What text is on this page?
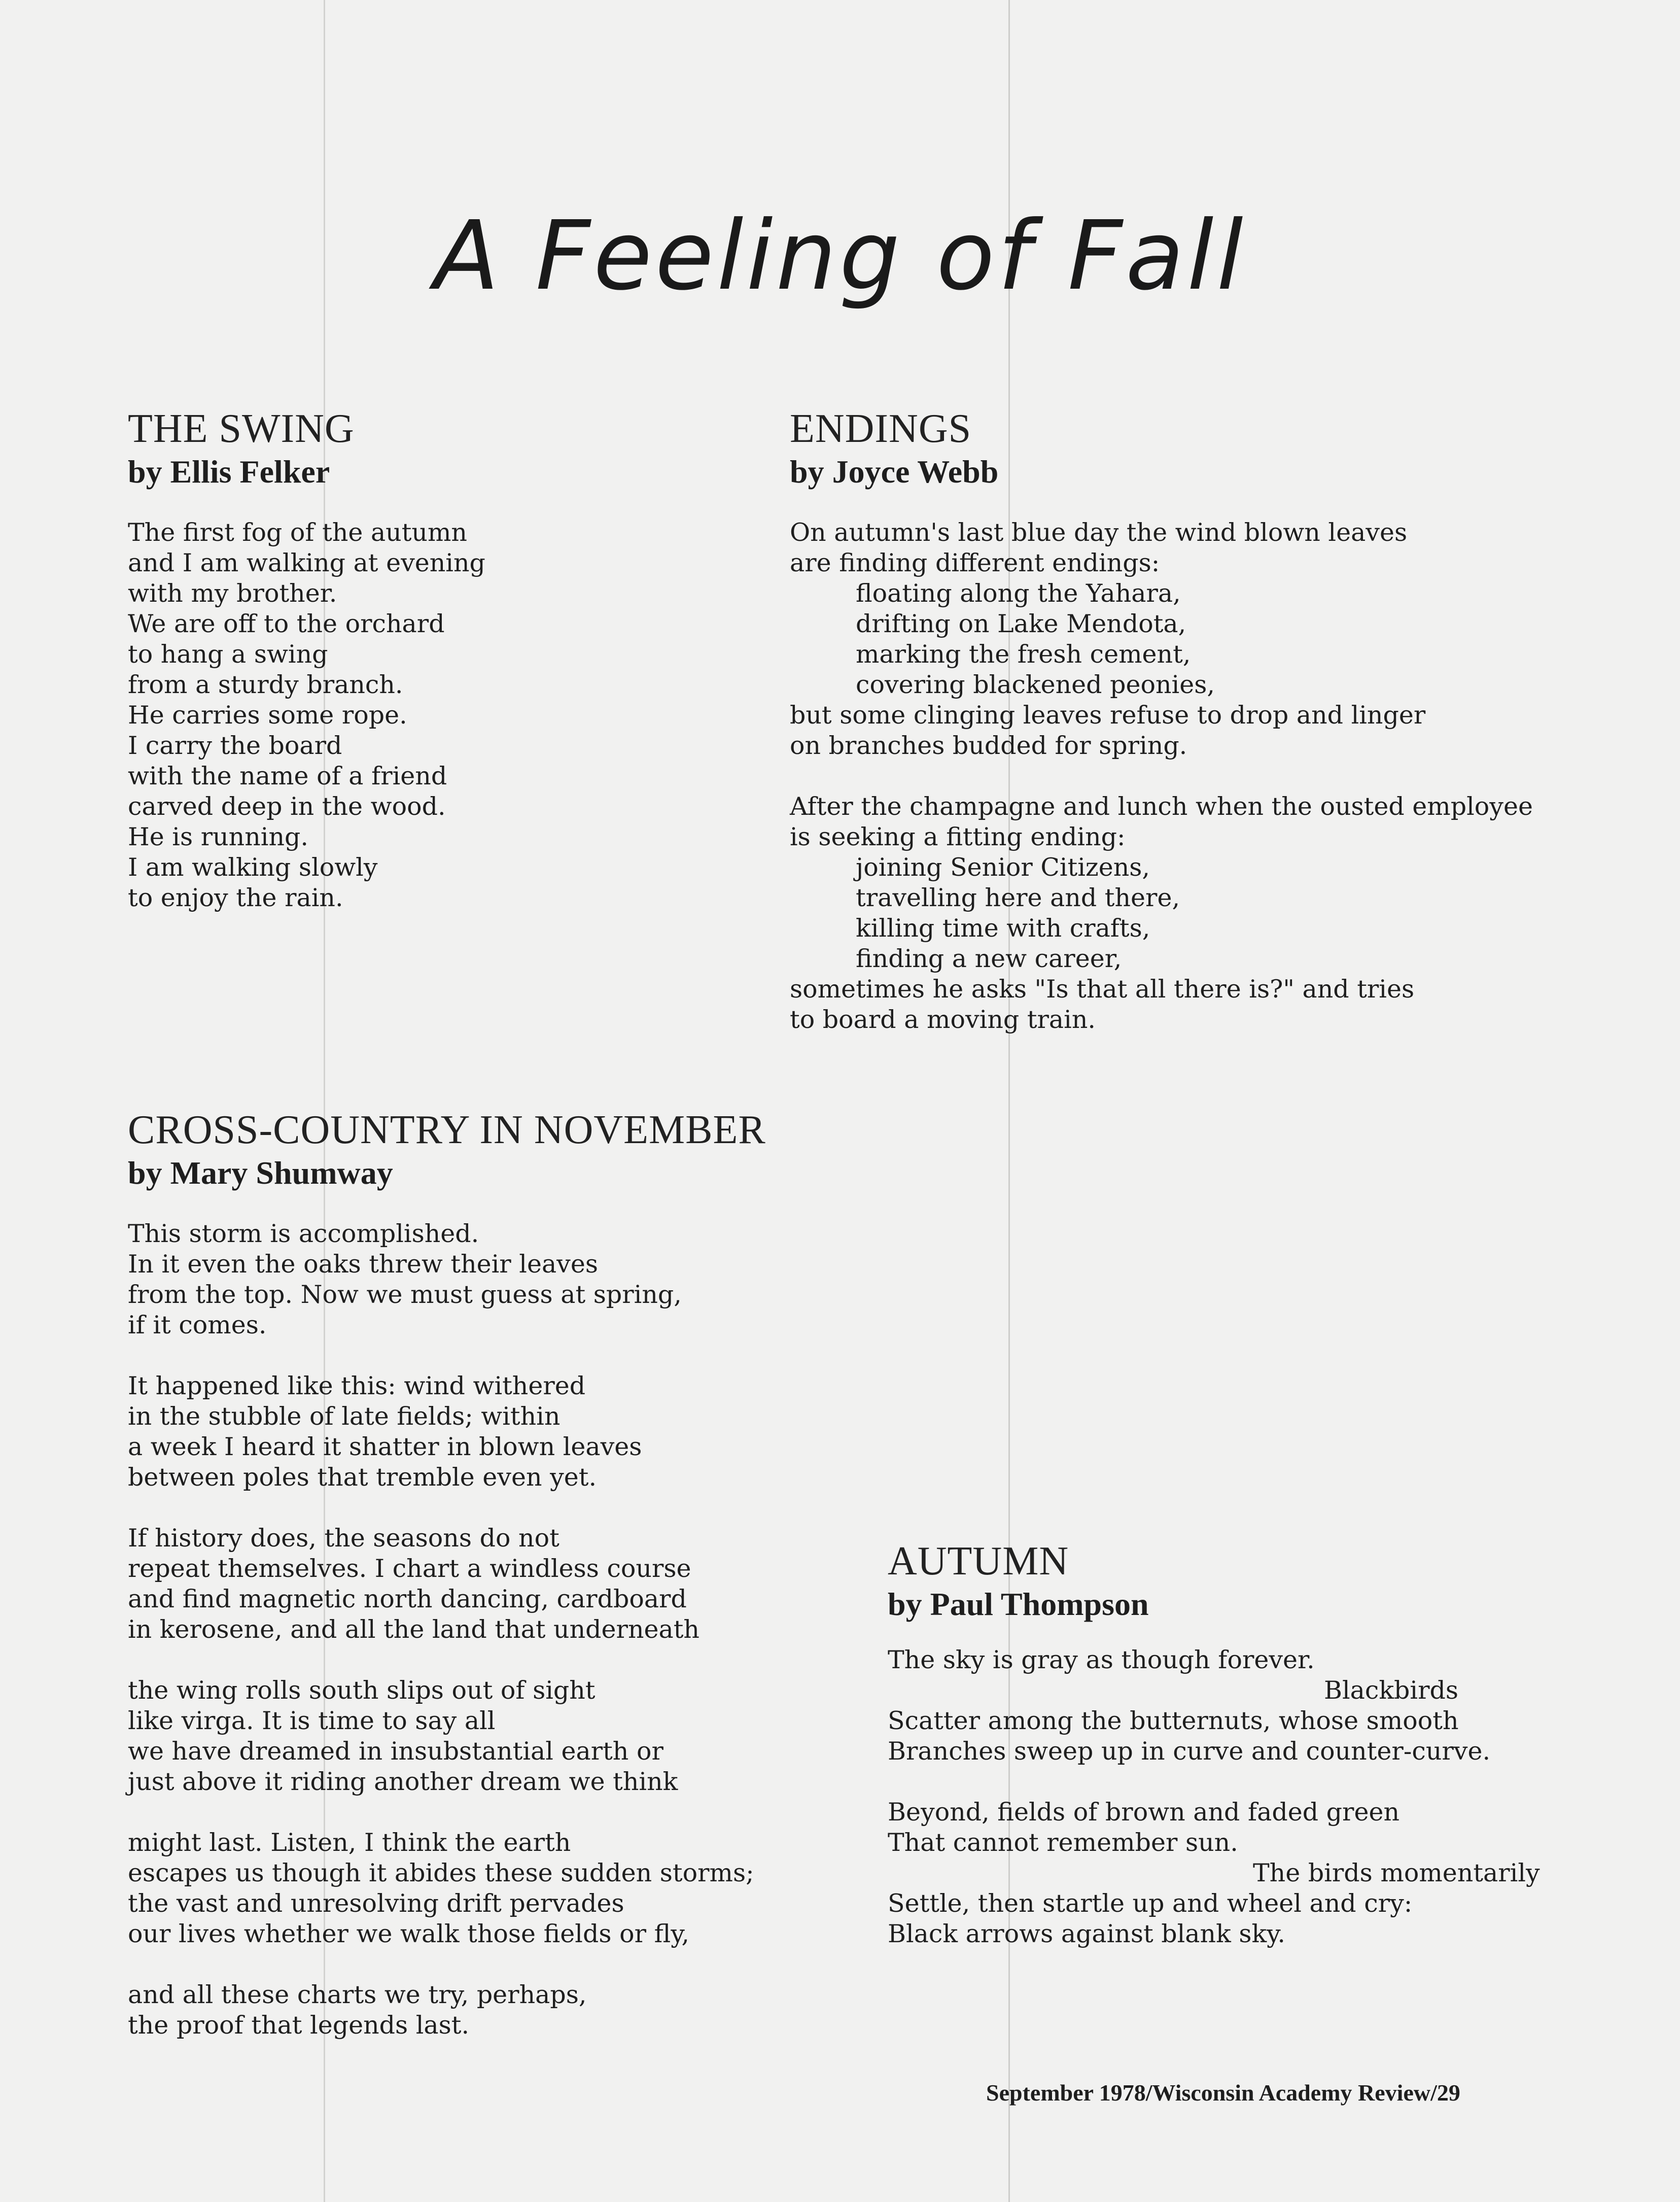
A Feeling of Fall
THE SWING
by Ellis Felker
The first fog of the autumn
and I am walking at evening
with my brother.
We are off to the orchard
to hang a swing
from a sturdy branch.
He carries some rope.
I carry the board
with the name of a friend
carved deep in the wood.
He is running.
I am walking slowly
to enjoy the rain.
ENDINGS
by Joyce Webb
On autumn's last blue day the wind blown leaves
are finding different endings:
floating along the Yahara,
drifting on Lake Mendota,
marking the fresh cement,
covering blackened peonies,
but some clinging leaves refuse to drop and linger
on branches budded for spring.
After the champagne and lunch when the ousted employee
is seeking a fitting ending:
joining Senior Citizens,
travelling here and there,
killing time with crafts,
finding a new career,
sometimes he asks "Is that all there is?" and tries
to board a moving train.
CROSS-COUNTRY IN NOVEMBER
by Mary Shumway
This storm is accomplished.
In it even the oaks threw their leaves
from the top. Now we must guess at spring,
if it comes.
It happened like this: wind withered
in the stubble of late fields; within
a week I heard it shatter in blown leaves
between poles that tremble even yet.
If history does, the seasons do not
repeat themselves. I chart a windless course
and find magnetic north dancing, cardboard
in kerosene, and all the land that underneath
the wing rolls south slips out of sight
like virga. It is time to say all
we have dreamed in insubstantial earth or
just above it riding another dream we think
might last. Listen, I think the earth
escapes us though it abides these sudden storms;
the vast and unresolving drift pervades
our lives whether we walk those fields or fly,
and all these charts we try, perhaps,
the proof that legends last.
AUTUMN
by Paul Thompson
The sky is gray as though forever.
Blackbirds
Scatter among the butternuts, whose smooth
Branches sweep up in curve and counter-curve.
Beyond, fields of brown and faded green
That cannot remember sun.
The birds momentarily
Settle, then startle up and wheel and cry:
Black arrows against blank sky.
September 1978/Wisconsin Academy Review/29
